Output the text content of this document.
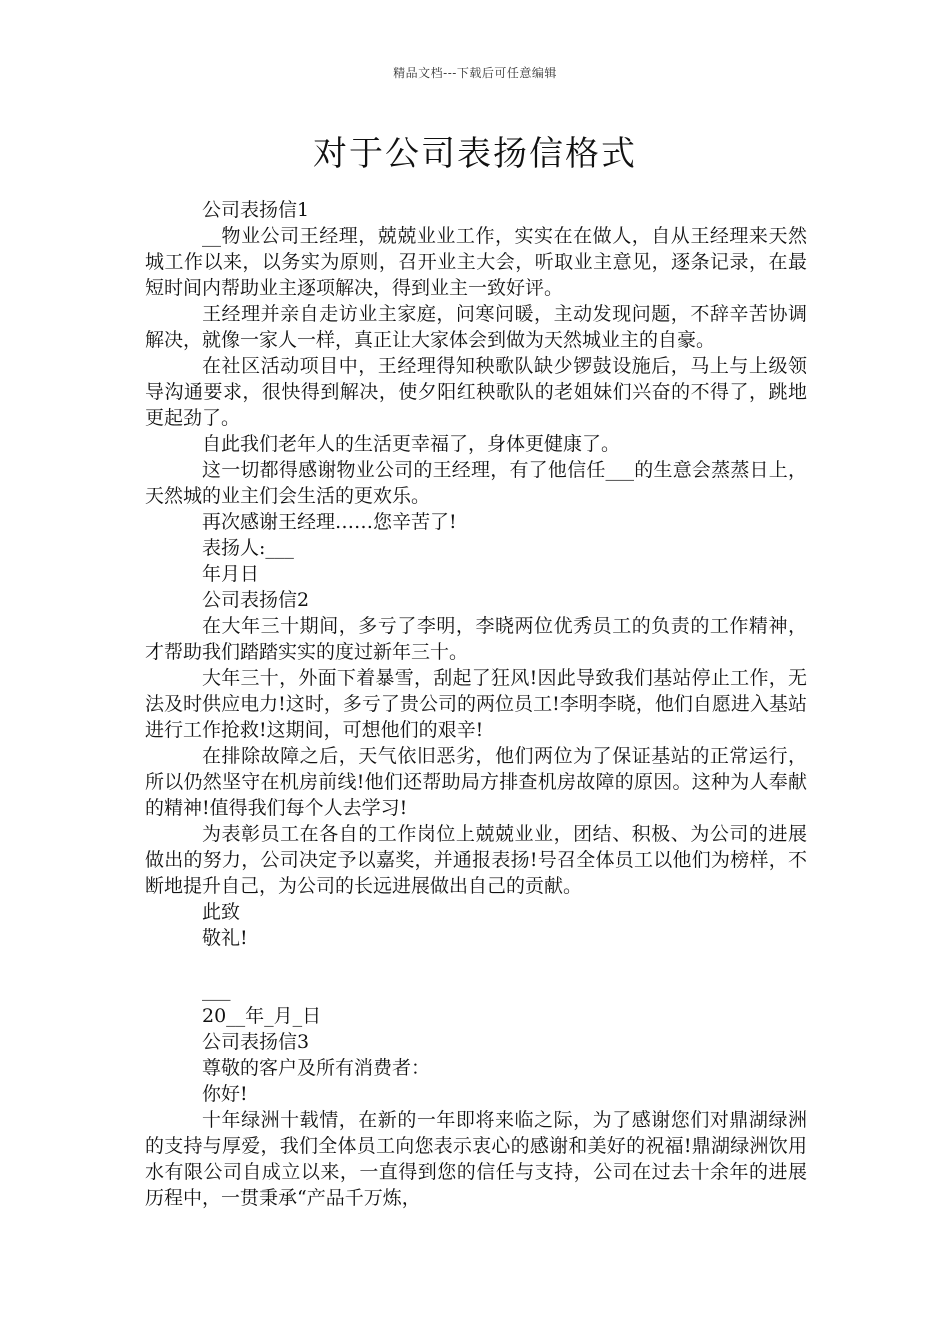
精品文档---下载后可任意编辑
对于公司表扬信格式

公司表扬信1

__物业公司王经理，兢兢业业工作，实实在在做人，自从王经理来天然城工作以来，以务实为原则，召开业主大会，听取业主意见，逐条记录，在最短时间内帮助业主逐项解决，得到业主一致好评。

王经理并亲自走访业主家庭，问寒问暖，主动发现问题，不辞辛苦协调解决，就像一家人一样，真正让大家体会到做为天然城业主的自豪。

在社区活动项目中，王经理得知秧歌队缺少锣鼓设施后，马上与上级领导沟通要求，很快得到解决，使夕阳红秧歌队的老姐妹们兴奋的不得了，跳地更起劲了。

自此我们老年人的生活更幸福了，身体更健康了。

这一切都得感谢物业公司的王经理，有了他信任___的生意会蒸蒸日上，天然城的业主们会生活的更欢乐。

再次感谢王经理……您辛苦了!

表扬人:___

年月日

公司表扬信2

在大年三十期间，多亏了李明，李晓两位优秀员工的负责的工作精神，才帮助我们踏踏实实的度过新年三十。

大年三十，外面下着暴雪，刮起了狂风!因此导致我们基站停止工作，无法及时供应电力!这时，多亏了贵公司的两位员工!李明李晓，他们自愿进入基站进行工作抢救!这期间，可想他们的艰辛!

在排除故障之后，天气依旧恶劣，他们两位为了保证基站的正常运行，所以仍然坚守在机房前线!他们还帮助局方排查机房故障的原因。这种为人奉献的精神!值得我们每个人去学习!

为表彰员工在各自的工作岗位上兢兢业业，团结、积极、为公司的进展做出的努力，公司决定予以嘉奖，并通报表扬!号召全体员工以他们为榜样，不断地提升自己，为公司的长远进展做出自己的贡献。

此致

敬礼!

___

20__年_月_日

公司表扬信3

尊敬的客户及所有消费者：

你好!

十年绿洲十载情，在新的一年即将来临之际，为了感谢您们对鼎湖绿洲的支持与厚爱，我们全体员工向您表示衷心的感谢和美好的祝福!鼎湖绿洲饮用水有限公司自成立以来，一直得到您的信任与支持，公司在过去十余年的进展历程中，一贯秉承“产品千万炼，
